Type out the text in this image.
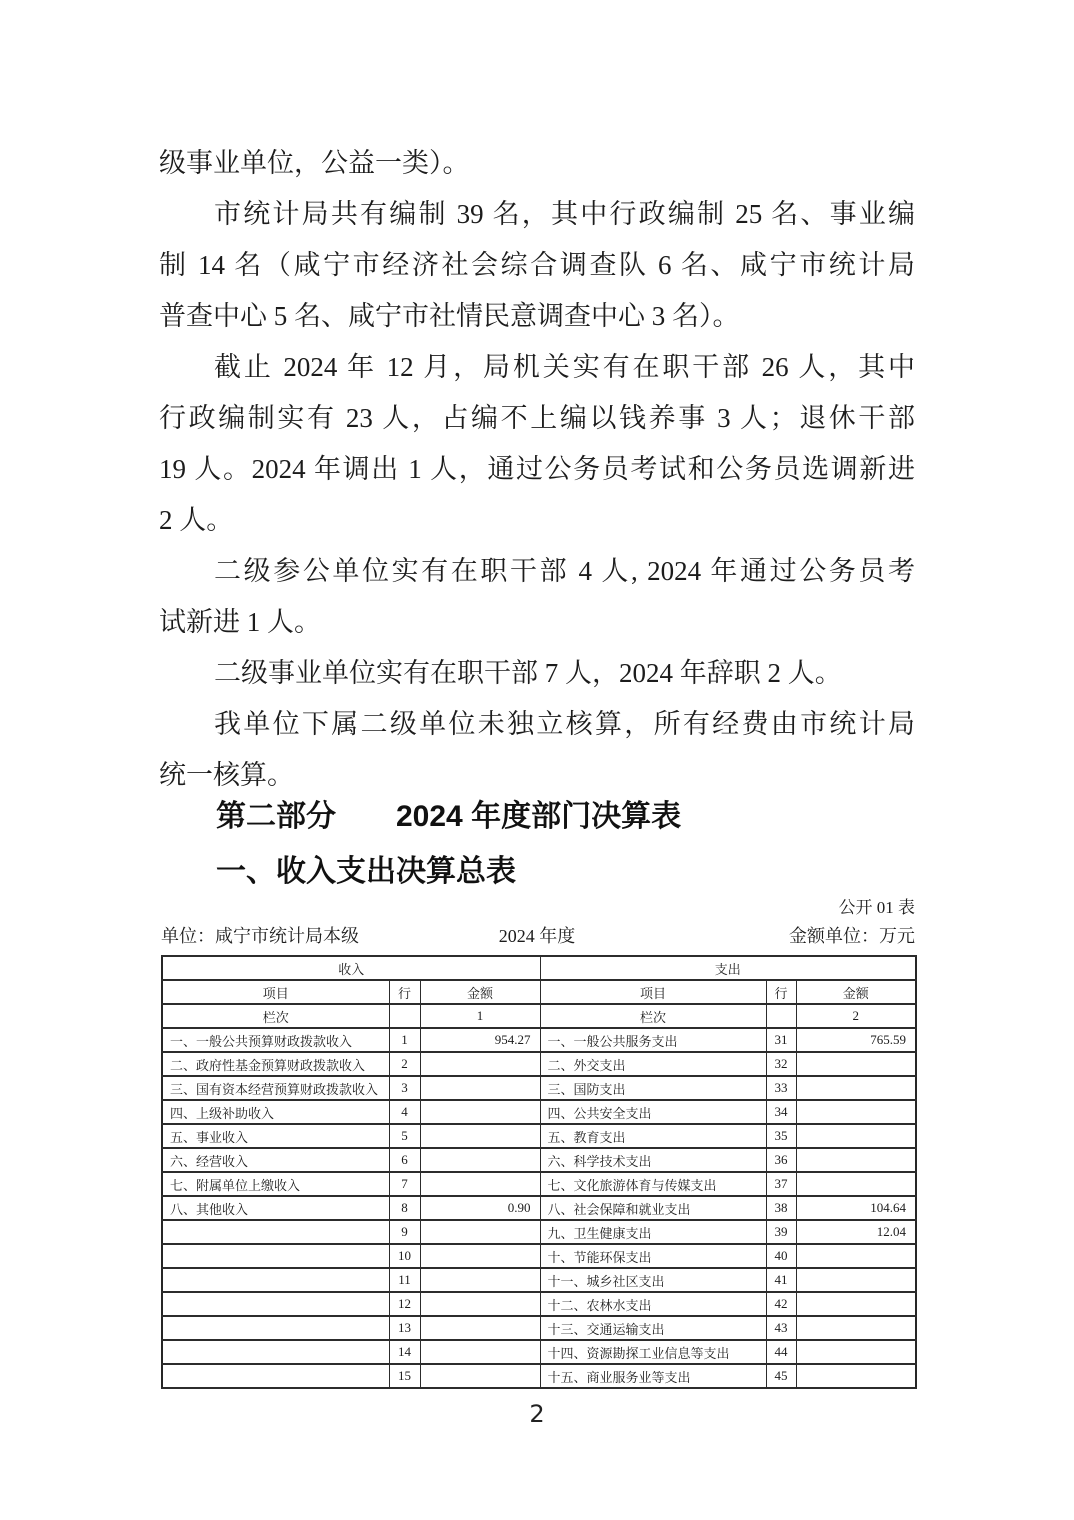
级事业单位，公益一类）。
市统计局共有编制 39 名，其中行政编制 25 名、事业编
制 14 名（咸宁市经济社会综合调查队 6 名、咸宁市统计局
普查中心 5 名、咸宁市社情民意调查中心 3 名）。
截止 2024 年 12 月，局机关实有在职干部 26 人，其中
行政编制实有 23 人，占编不上编以钱养事 3 人；退休干部
19 人。2024 年调出 1 人，通过公务员考试和公务员选调新进
2 人。
二级参公单位实有在职干部 4 人, 2024 年通过公务员考
试新进 1 人。
二级事业单位实有在职干部 7 人，2024 年辞职 2 人。
我单位下属二级单位未独立核算，所有经费由市统计局
统一核算。
第二部分　　2024 年度部门决算表
一、收入支出决算总表
公开 01 表
单位：咸宁市统计局本级	2024 年度	金额单位：万元
收入			支出		
项目	行	金额	项目	行	金额
栏次		1	栏次		2
一、一般公共预算财政拨款收入	1	954.27	一、一般公共服务支出	31	765.59
二、政府性基金预算财政拨款收入	2		二、外交支出	32	
三、国有资本经营预算财政拨款收入	3		三、国防支出	33	
四、上级补助收入	4		四、公共安全支出	34	
五、事业收入	5		五、教育支出	35	
六、经营收入	6		六、科学技术支出	36	
七、附属单位上缴收入	7		七、文化旅游体育与传媒支出	37	
八、其他收入	8	0.90	八、社会保障和就业支出	38	104.64
	9		九、卫生健康支出	39	12.04
	10		十、节能环保支出	40	
	11		十一、城乡社区支出	41	
	12		十二、农林水支出	42	
	13		十三、交通运输支出	43	
	14		十四、资源勘探工业信息等支出	44	
	15		十五、商业服务业等支出	45	
2
